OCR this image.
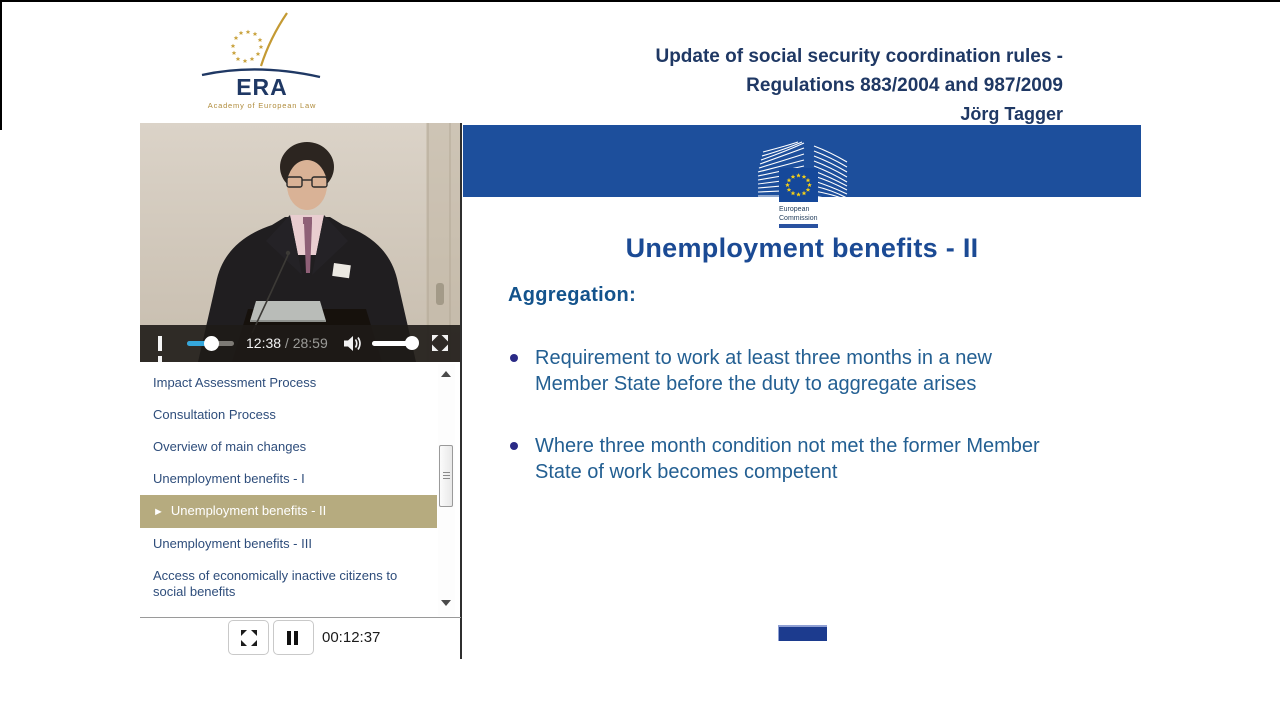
ERA
Academy of European Law
Update of social security coordination rules -
Regulations 883/2004 and 987/2009
Jörg Tagger
12:38 / 28:59
Impact Assessment Process
Consultation Process
Overview of main changes
Unemployment benefits - I
► Unemployment benefits - II
Unemployment benefits - III
Access of economically inactive citizens to social benefits
00:12:37
European
Commission
Unemployment benefits - II
Aggregation:
Requirement to work at least three months in a new Member State before the duty to aggregate arises
Where three month condition not met the former Member State of work becomes competent
